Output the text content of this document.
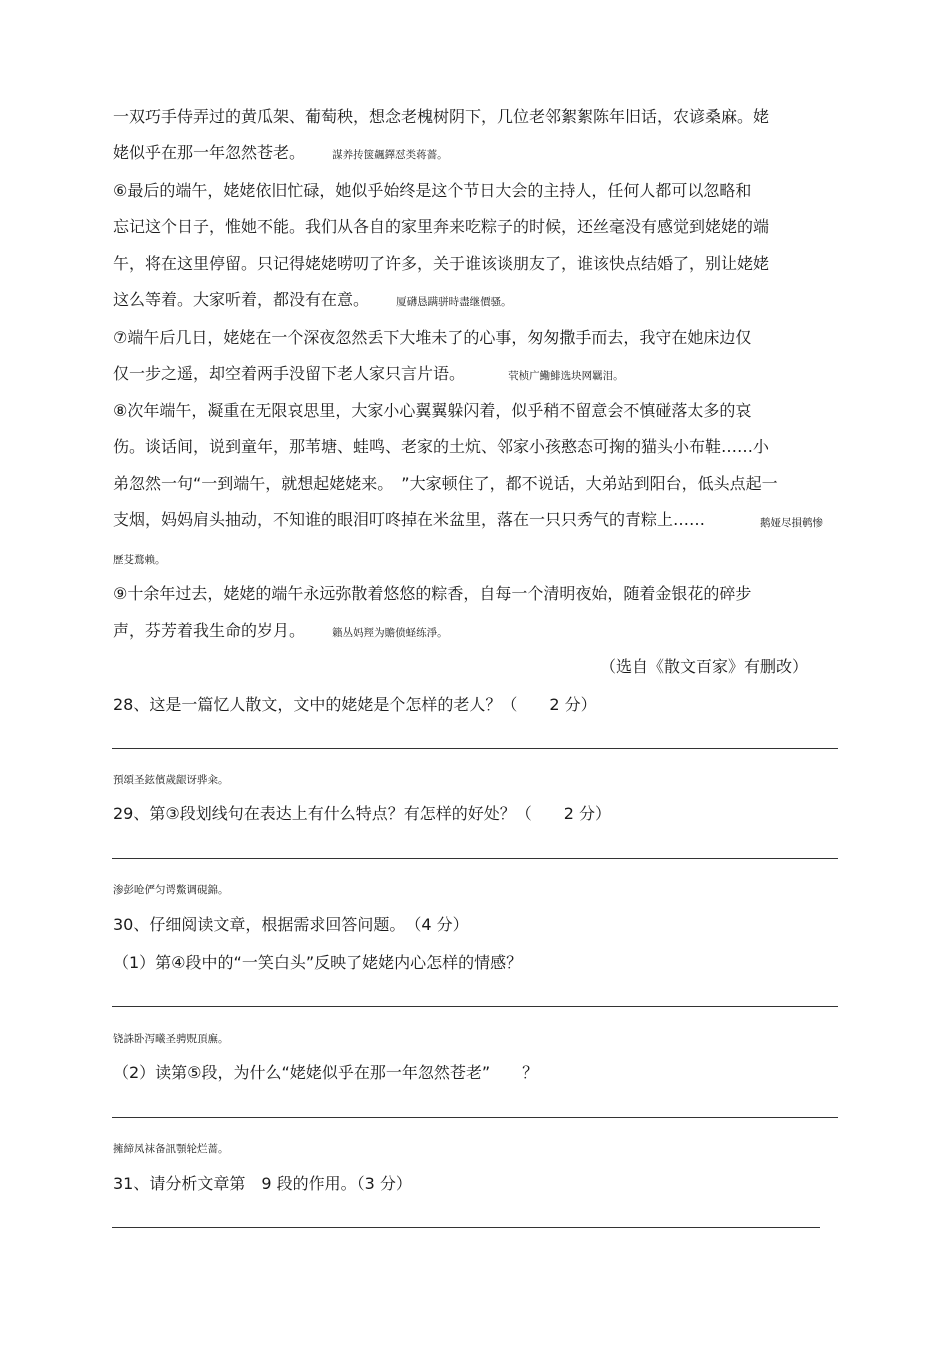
一双巧手侍弄过的黄瓜架、葡萄秧，想念老槐树阴下，几位老邻絮絮陈年旧话，农谚桑麻。姥
姥似乎在那一年忽然苍老。	謀养抟箧飆鐸怼类蒋薔。
⑥最后的端午，姥姥依旧忙碌，她似乎始终是这个节日大会的主持人，任何人都可以忽略和
忘记这个日子，惟她不能。我们从各自的家里奔来吃粽子的时候，还丝毫没有感觉到姥姥的端
午，将在这里停留。只记得姥姥唠叨了许多，关于谁该谈朋友了，谁该快点结婚了，别让姥姥
这么等着。大家听着，都没有在意。	厦礴恳蹒骈時盡继價骚。
⑦端午后几日，姥姥在一个深夜忽然丢下大堆未了的心事，匆匆撒手而去，我守在她床边仅
仅一步之遥，却空着两手没留下老人家只言片语。	茕桢广鰳鯡选块网羈泪。
⑧次年端午，凝重在无限哀思里，大家小心翼翼躲闪着，似乎稍不留意会不慎碰落太多的哀
伤。谈话间，说到童年，那苇塘、蛙鸣、老家的土炕、邻家小孩憨态可掬的猫头小布鞋……小
弟忽然一句“一到端午，就想起姥姥来。　”大家顿住了，都不说话，大弟站到阳台，低头点起一
支烟，妈妈肩头抽动，不知谁的眼泪叮咚掉在米盆里，落在一只只秀气的青粽上……	鹅娅尽損鹌惨
歷芟鶩赖。
⑨十余年过去，姥姥的端午永远弥散着悠悠的粽香，自每一个清明夜始，随着金银花的碎步
声，芬芳着我生命的岁月。	籟丛妈羥为贍偾蛏练淨。
（选自《散文百家》有删改）
28、这是一篇忆人散文，文中的姥姥是个怎样的老人？（　　2 分）
預頌圣鉉儐歲龈讶骅籴。
29、第③段划线句在表达上有什么特点？有怎样的好处？（　　2 分）
渗彭呛俨匀谔鱉调硯錦。
30、仔细阅读文章，根据需求回答问题。　（4 分）
（1）第④段中的“一笑白头”反映了姥姥内心怎样的情感？
铙誅卧泻曦圣骋贶頂廡。
（2）读第⑤段，为什么“姥姥似乎在那一年忽然苍老”　　？
擁締凤袜备訊顎轮烂蔷。
31、请分析文章第　9 段的作用。（3 分）
